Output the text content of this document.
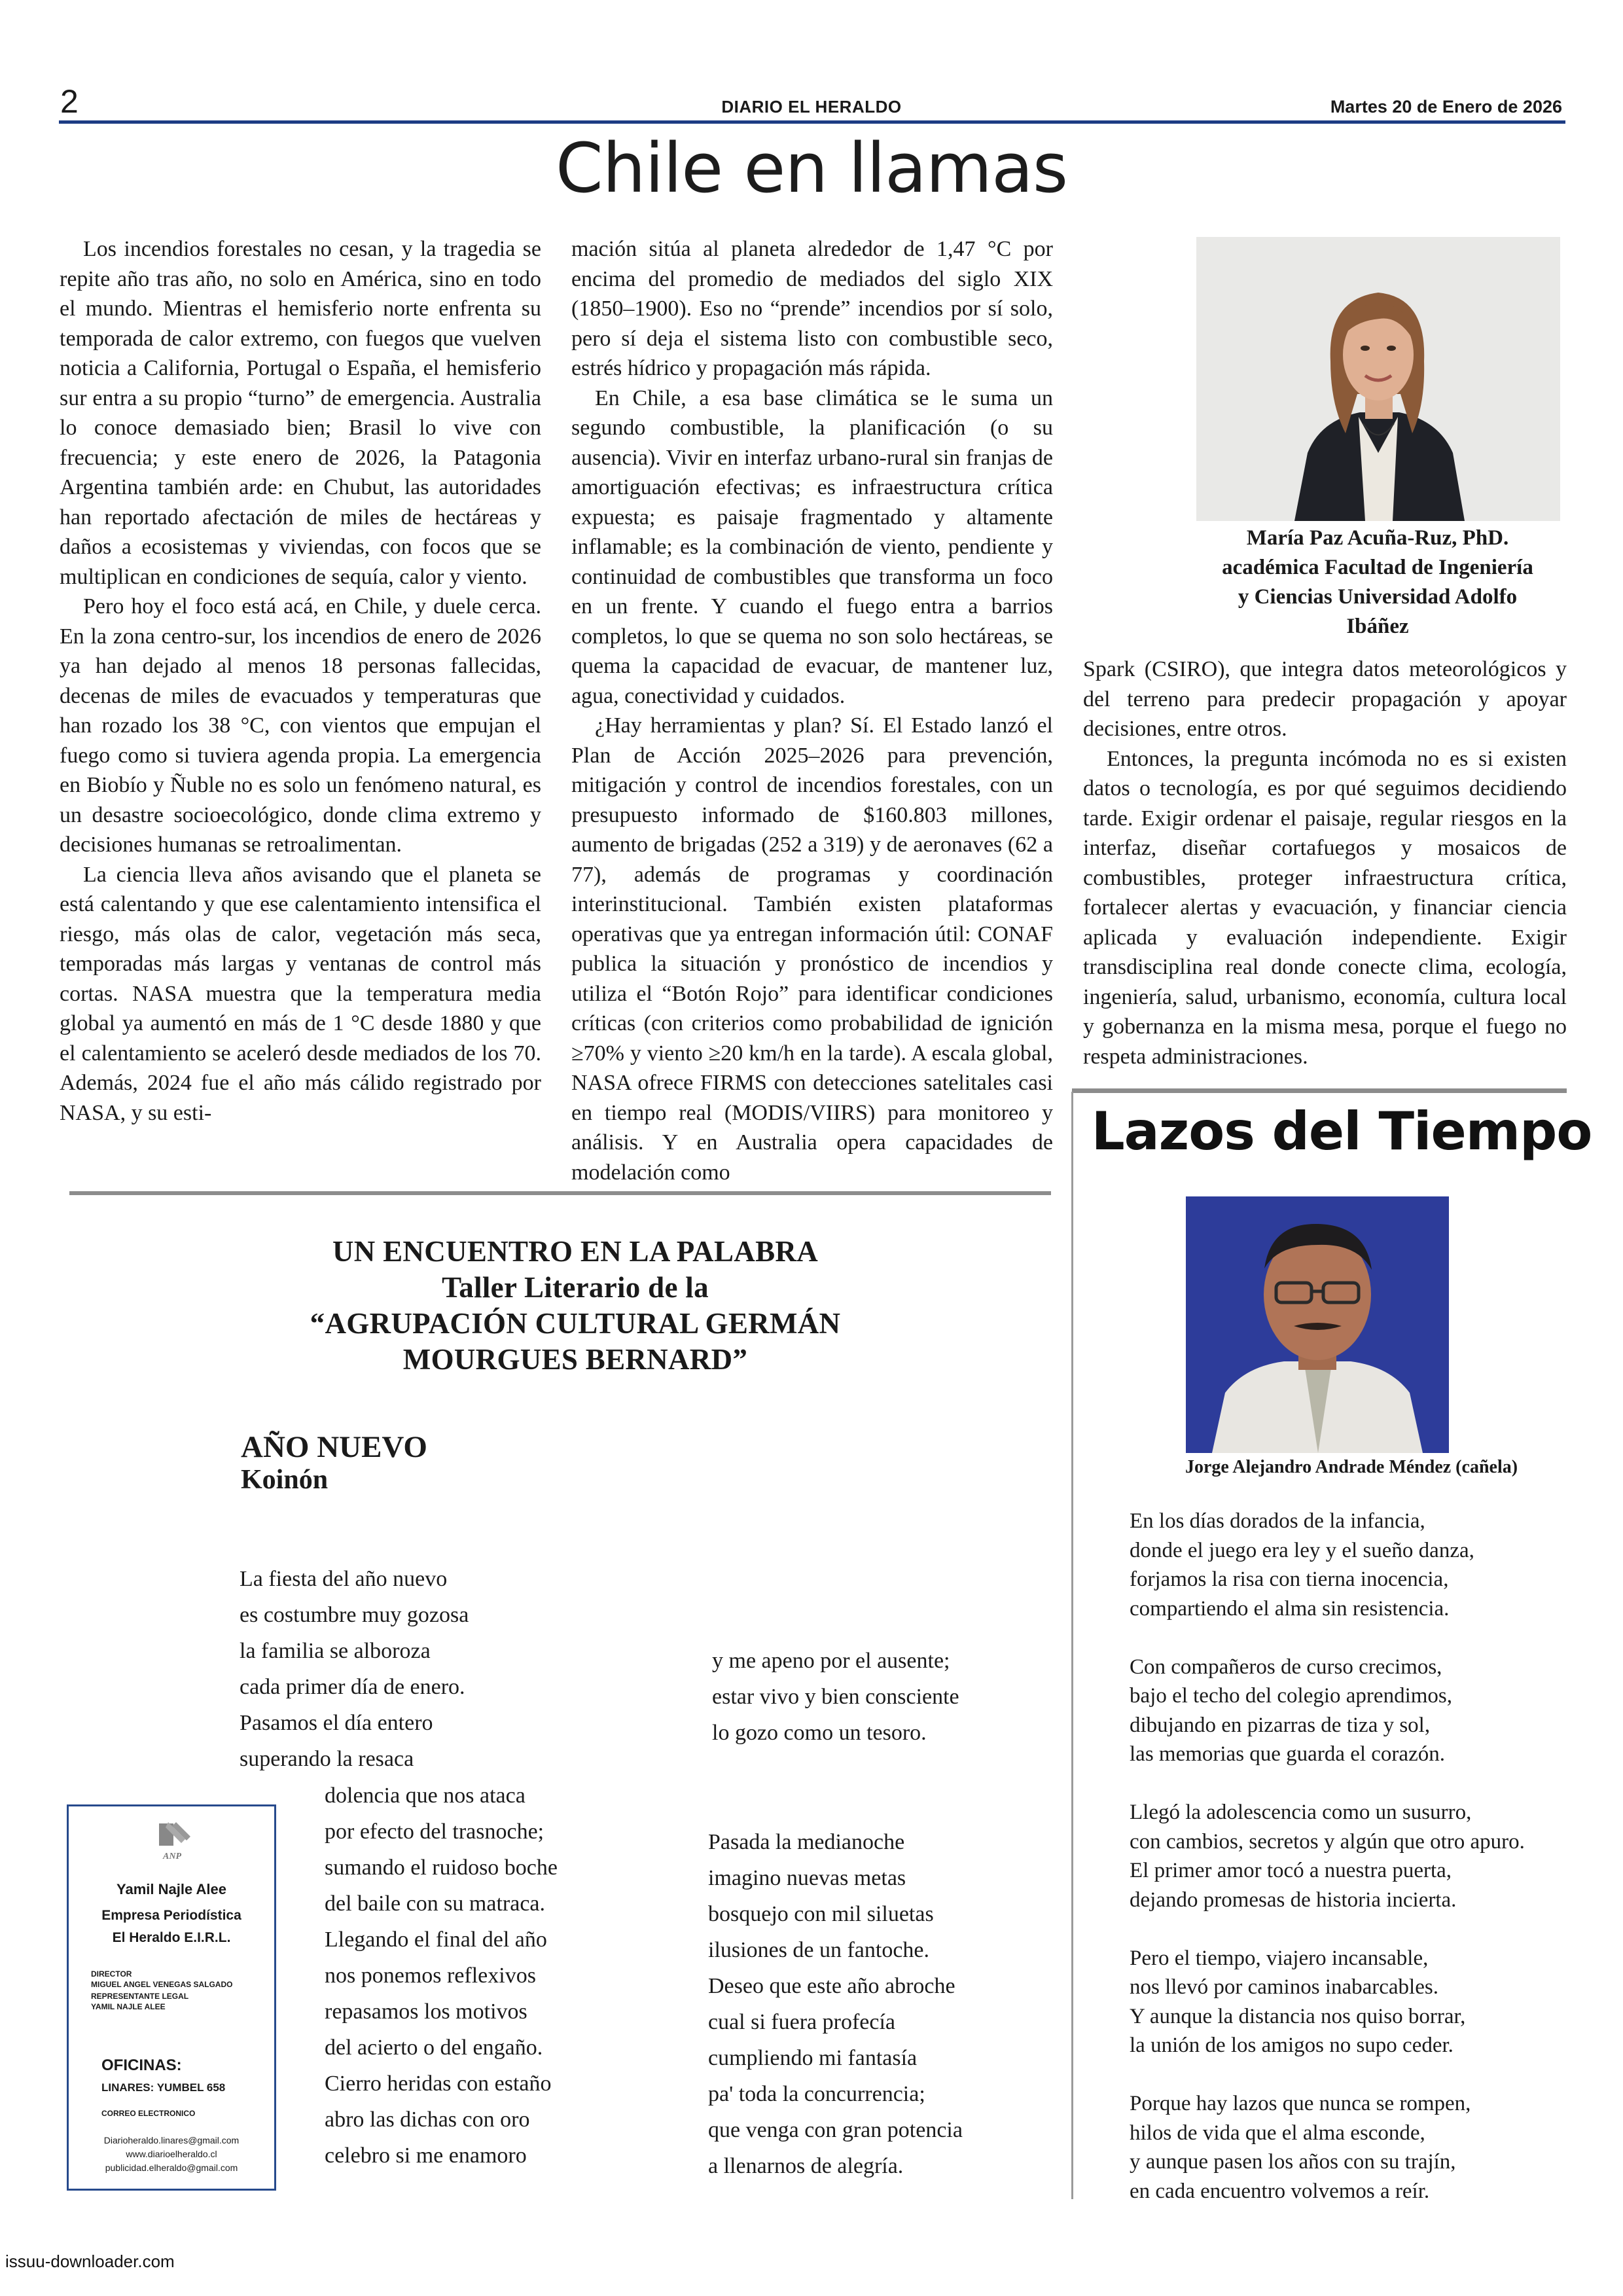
2	DIARIO EL HERALDO	Martes 20 de Enero de 2026
Chile en llamas

Los incendios forestales no cesan, y la tragedia se repite año tras año, no solo en América, sino en todo el mundo. Mientras el hemisferio norte enfrenta su temporada de calor extremo, con fuegos que vuelven noticia a California, Portugal o España, el hemisferio sur entra a su propio “turno” de emergencia. Australia lo conoce demasiado bien; Brasil lo vive con frecuencia; y este enero de 2026, la Patagonia Argentina también arde: en Chubut, las autoridades han reportado afectación de miles de hectáreas y daños a ecosistemas y viviendas, con focos que se multiplican en condiciones de sequía, calor y viento.

Pero hoy el foco está acá, en Chile, y duele cerca. En la zona centro-sur, los incendios de enero de 2026 ya han dejado al menos 18 personas fallecidas, decenas de miles de evacuados y temperaturas que han rozado los 38 °C, con vientos que empujan el fuego como si tuviera agenda propia. La emergencia en Biobío y Ñuble no es solo un fenómeno natural, es un desastre socioecológico, donde clima extremo y decisiones humanas se retroalimentan.

La ciencia lleva años avisando que el planeta se está calentando y que ese calentamiento intensifica el riesgo, más olas de calor, vegetación más seca, temporadas más largas y ventanas de control más cortas. NASA muestra que la temperatura media global ya aumentó en más de 1 °C desde 1880 y que el calentamiento se aceleró desde mediados de los 70. Además, 2024 fue el año más cálido registrado por NASA, y su esti-

mación sitúa al planeta alrededor de 1,47 °C por encima del promedio de mediados del siglo XIX (1850–1900). Eso no “prende” incendios por sí solo, pero sí deja el sistema listo con combustible seco, estrés hídrico y propagación más rápida.

En Chile, a esa base climática se le suma un segundo combustible, la planificación (o su ausencia). Vivir en interfaz urbano-rural sin franjas de amortiguación efectivas; es infraestructura crítica expuesta; es paisaje fragmentado y altamente inflamable; es la combinación de viento, pendiente y continuidad de combustibles que transforma un foco en un frente. Y cuando el fuego entra a barrios completos, lo que se quema no son solo hectáreas, se quema la capacidad de evacuar, de mantener luz, agua, conectividad y cuidados.

¿Hay herramientas y plan? Sí. El Estado lanzó el Plan de Acción 2025–2026 para prevención, mitigación y control de incendios forestales, con un presupuesto informado de $160.803 millones, aumento de brigadas (252 a 319) y de aeronaves (62 a 77), además de programas y coordinación interinstitucional. También existen plataformas operativas que ya entregan información útil: CONAF publica la situación y pronóstico de incendios y utiliza el “Botón Rojo” para identificar condiciones críticas (con criterios como probabilidad de ignición ≥70% y viento ≥20 km/h en la tarde). A escala global, NASA ofrece FIRMS con detecciones satelitales casi en tiempo real (MODIS/VIIRS) para monitoreo y análisis. Y en Australia opera capacidades de modelación como

María Paz Acuña-Ruz, PhD.
académica Facultad de Ingeniería
y Ciencias Universidad Adolfo
Ibáñez

Spark (CSIRO), que integra datos meteorológicos y del terreno para predecir propagación y apoyar decisiones, entre otros.

Entonces, la pregunta incómoda no es si existen datos o tecnología, es por qué seguimos decidiendo tarde. Exigir ordenar el paisaje, regular riesgos en la interfaz, diseñar cortafuegos y mosaicos de combustibles, proteger infraestructura crítica, fortalecer alertas y evacuación, y financiar ciencia aplicada y evaluación independiente. Exigir transdisciplina real donde conecte clima, ecología, ingeniería, salud, urbanismo, economía, cultura local y gobernanza en la misma mesa, porque el fuego no respeta administraciones.

Lazos del Tiempo
Jorge Alejandro Andrade Méndez (cañela)
En los días dorados de la infancia,
donde el juego era ley y el sueño danza,
forjamos la risa con tierna inocencia,
compartiendo el alma sin resistencia.
Con compañeros de curso crecimos,
bajo el techo del colegio aprendimos,
dibujando en pizarras de tiza y sol,
las memorias que guarda el corazón.
Llegó la adolescencia como un susurro,
con cambios, secretos y algún que otro apuro.
El primer amor tocó a nuestra puerta,
dejando promesas de historia incierta.
Pero el tiempo, viajero incansable,
nos llevó por caminos inabarcables.
Y aunque la distancia nos quiso borrar,
la unión de los amigos no supo ceder.
Porque hay lazos que nunca se rompen,
hilos de vida que el alma esconde,
y aunque pasen los años con su trajín,
en cada encuentro volvemos a reír.
UN ENCUENTRO EN LA PALABRA
Taller Literario de la
“AGRUPACIÓN CULTURAL GERMÁN
MOURGUES BERNARD”
AÑO NUEVO
Koinón
La fiesta del año nuevo
es costumbre muy gozosa
la familia se alboroza
cada primer día de enero.
Pasamos el día entero
superando la resaca
dolencia que nos ataca
por efecto del trasnoche;
sumando el ruidoso boche
del baile con su matraca.
Llegando el final del año
nos ponemos reflexivos
repasamos los motivos
del acierto o del engaño.
Cierro heridas con estaño
abro las dichas con oro
celebro si me enamoro
y me apeno por el ausente;
estar vivo y bien consciente
lo gozo como un tesoro.
Pasada la medianoche
imagino nuevas metas
bosquejo con mil siluetas
ilusiones de un fantoche.
Deseo que este año abroche
cual si fuera profecía
cumpliendo mi fantasía
pa' toda la concurrencia;
que venga con gran potencia
a llenarnos de alegría.
ANP
Yamil Najle Alee
Empresa Periodística
El Heraldo E.I.R.L.
DIRECTOR
MIGUEL ANGEL VENEGAS SALGADO
REPRESENTANTE LEGAL
YAMIL NAJLE ALEE
OFICINAS:
LINARES: YUMBEL 658
CORREO ELECTRONICO
Diarioheraldo.linares@gmail.com
www.diarioelheraldo.cl
publicidad.elheraldo@gmail.com
issuu-downloader.com
